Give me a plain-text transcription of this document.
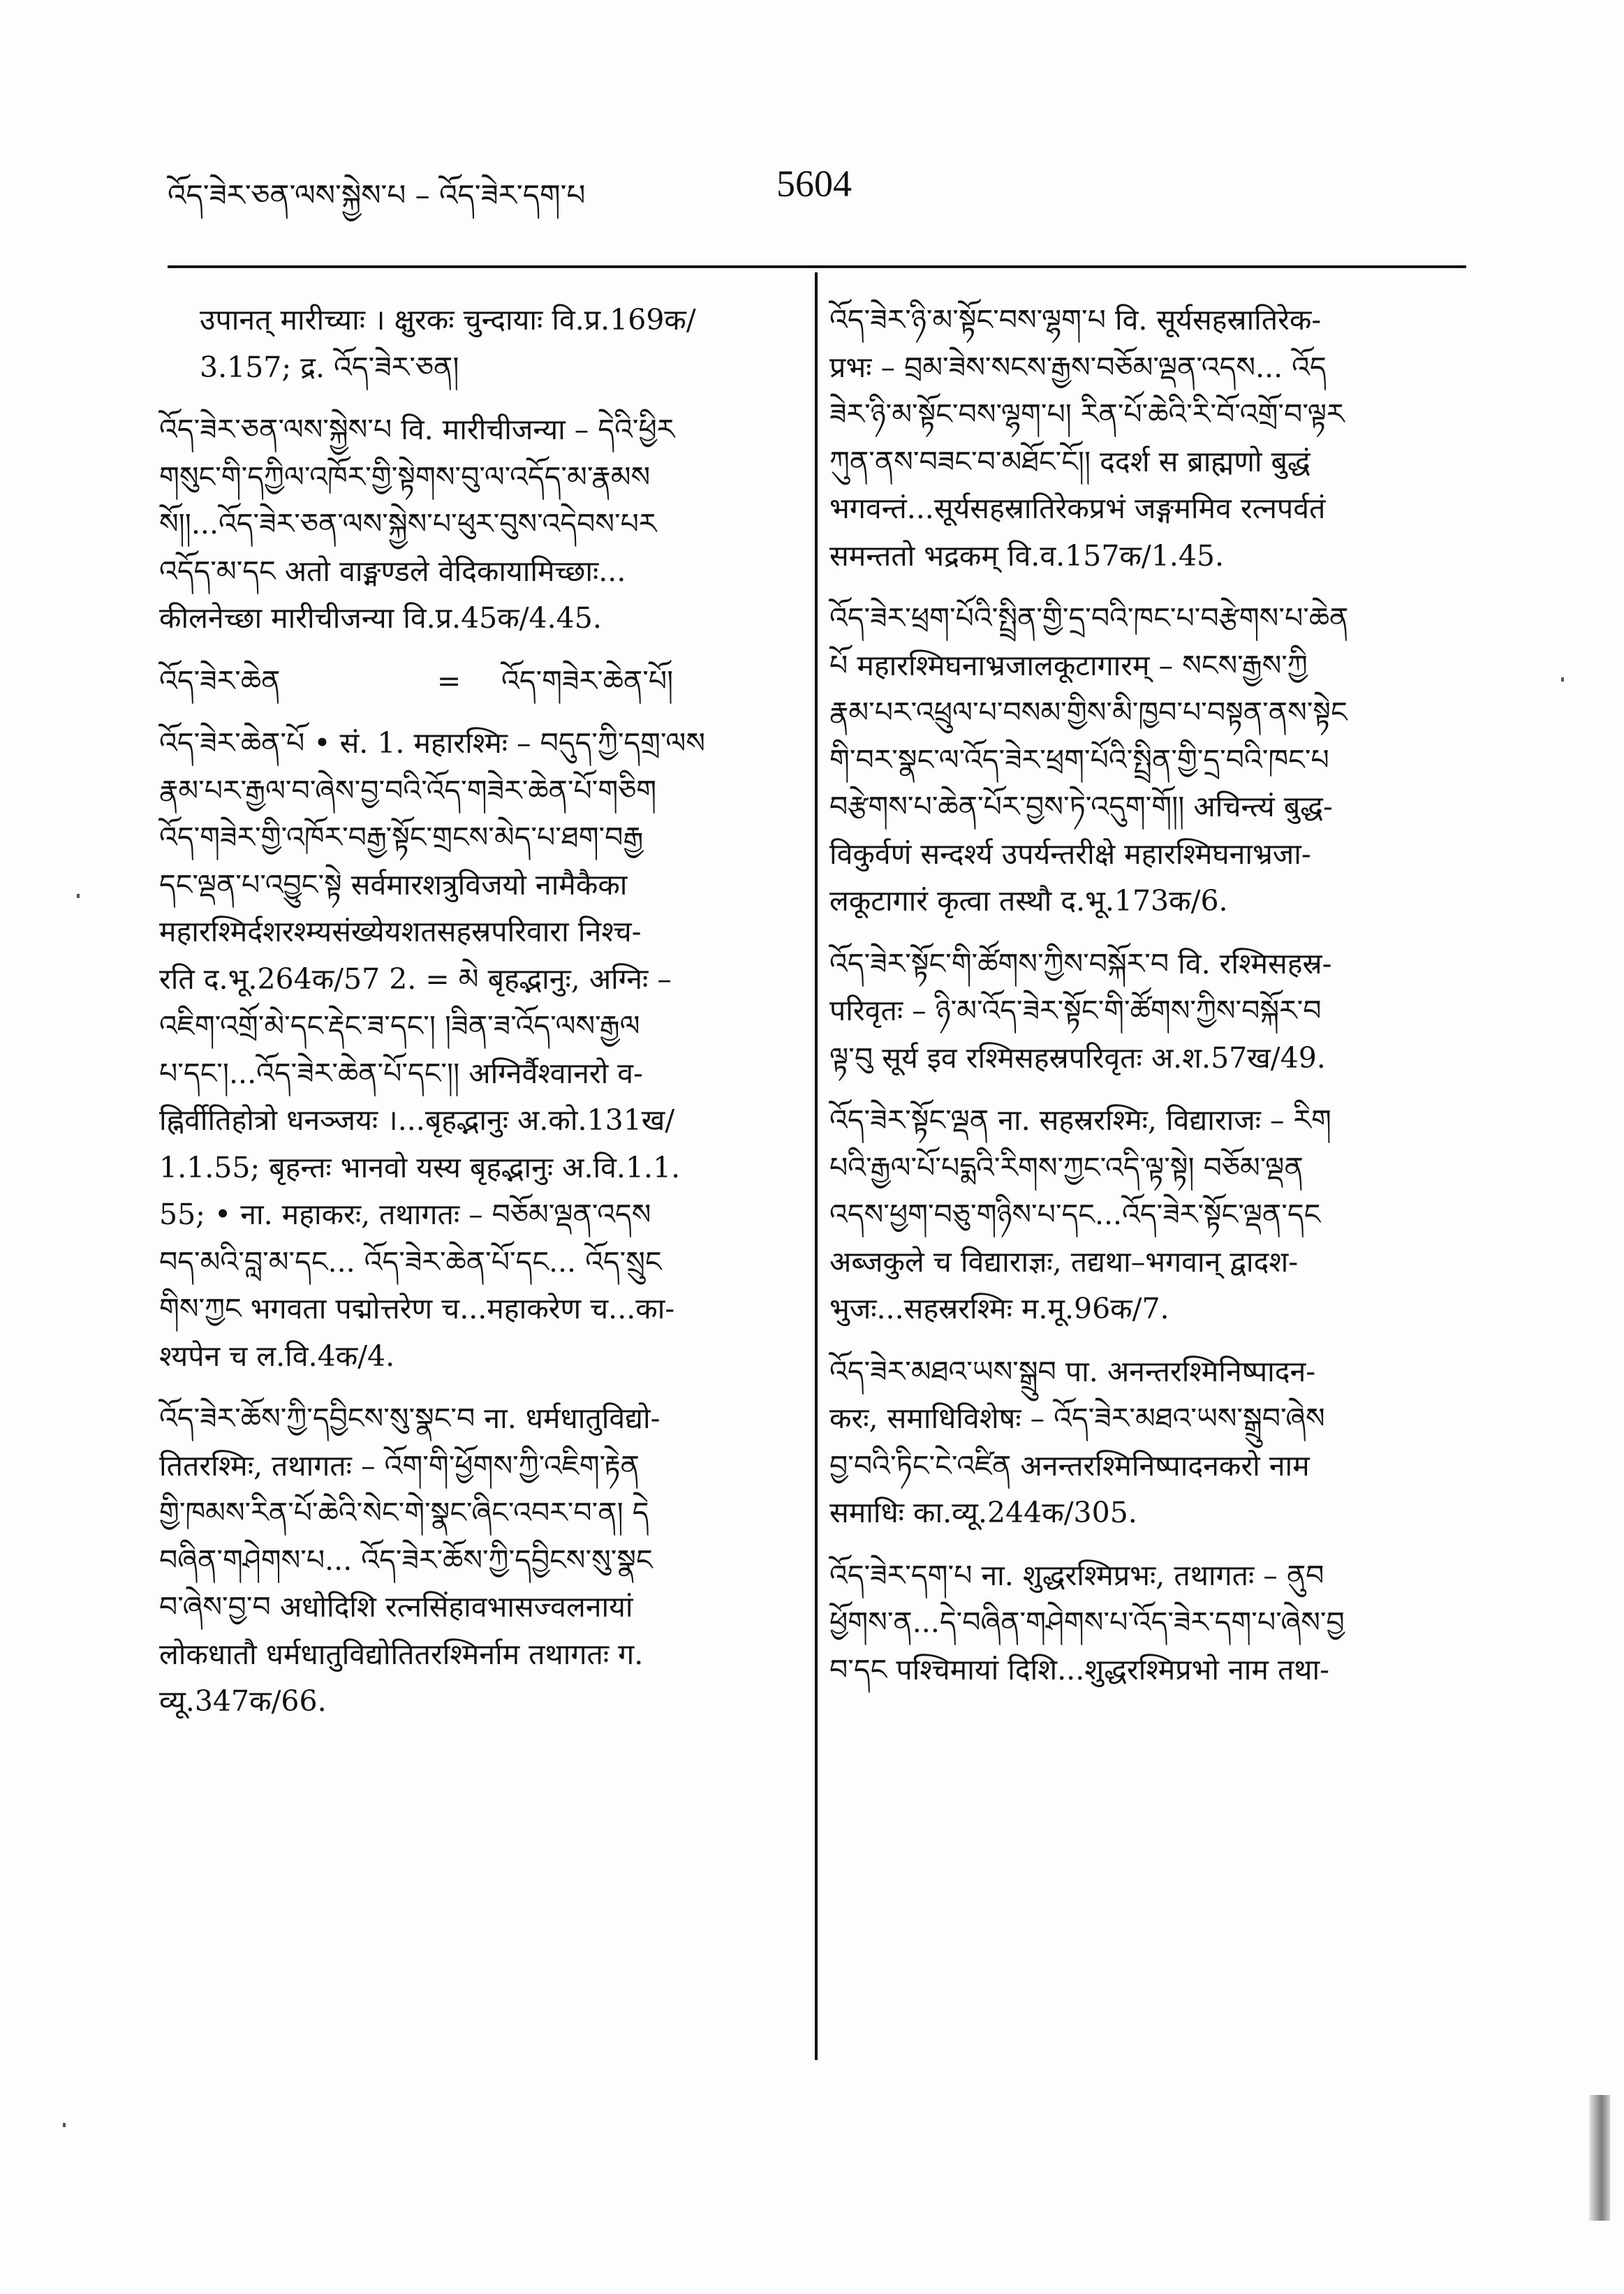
འོད་ཟེར་ཅན་ལས་སྐྱེས་པ – འོད་ཟེར་དག་པ	5604

उपानत् मारीच्याः । क्षुरकः चुन्दायाः वि.प्र.169क/

3.157; द्र. འོད་ཟེར་ཅན།

འོད་ཟེར་ཅན་ལས་སྐྱེས་པ वि. मारीचीजन्या – དེའི་ཕྱིར

གསུང་གི་དཀྱིལ་འཁོར་གྱི་སྟེགས་བུ་ལ་འདོད་མ་རྣམས

སོ།།...འོད་ཟེར་ཅན་ལས་སྐྱེས་པ་ཕུར་བུས་འདེབས་པར

འདོད་མ་དང अतो वाङ्मण्डले वेदिकायामिच्छाः...

कीलनेच्छा मारीचीजन्या वि.प्र.45क/4.45.

འོད་ཟེར་ཆེན	=	འོད་གཟེར་ཆེན་པོ།

འོད་ཟེར་ཆེན་པོ • सं. 1. महारश्मिः – བདུད་ཀྱི་དགྲ་ལས

རྣམ་པར་རྒྱལ་བ་ཞེས་བྱ་བའི་འོད་གཟེར་ཆེན་པོ་གཅིག

འོད་གཟེར་གྱི་འཁོར་བརྒྱ་སྟོང་གྲངས་མེད་པ་ཐག་བརྒྱ

དང་ལྡན་པ་འབྱུང་སྟེ सर्वमारशत्रुविजयो नामैकैका

महारश्मिर्दशरश्म्यसंख्येयशतसहस्रपरिवारा निश्च-

रति द.भू.264क/57 2. = མེ बृहद्भानुः, अग्निः –

འཇིག་འགྲོ་མེ་དང་རྡེང་ཟ་དང་། །ཟིན་ཟ་འོད་ལས་རྒྱལ

པ་དང་།...འོད་ཟེར་ཆེན་པོ་དང་།། अग्निर्वैश्वानरो व-

ह्निर्वीतिहोत्रो धनञ्जयः ।...बृहद्भानुः अ.को.131ख/

1.1.55; बृहन्तः भानवो यस्य बृहद्भानुः अ.वि.1.1.

55; • ना. महाकरः, तथागतः – བཅོམ་ལྡན་འདས

བད་མའི་བླ་མ་དང... འོད་ཟེར་ཆེན་པོ་དང... འོད་སྲུང

གིས་ཀྱང भगवता पद्मोत्तरेण च...महाकरेण च...का-

श्यपेन च ल.वि.4क/4.

འོད་ཟེར་ཆོས་ཀྱི་དབྱིངས་སུ་སྣང་བ ना. धर्मधातुविद्यो-

तितरश्मिः, तथागतः – འོག་གི་ཕྱོགས་ཀྱི་འཇིག་རྟེན

གྱི་ཁམས་རིན་པོ་ཆེའི་སེང་གེ་སྣང་ཞིང་འབར་བ་ན། དེ

བཞིན་གཤེགས་པ... འོད་ཟེར་ཆོས་ཀྱི་དབྱིངས་སུ་སྣང

བ་ཞེས་བྱ་བ अधोदिशि रत्नसिंहावभासज्वलनायां

लोकधातौ धर्मधातुविद्योतितरश्मिर्नाम तथागतः ग.

व्यू.347क/66.

འོད་ཟེར་ཉི་མ་སྟོང་བས་ལྷག་པ वि. सूर्यसहस्रातिरेक-

प्रभः – བྲམ་ཟེས་སངས་རྒྱས་བཅོམ་ལྡན་འདས... འོད

ཟེར་ཉི་མ་སྟོང་བས་ལྷག་པ། རིན་པོ་ཆེའི་རི་བོ་འགྲོ་བ་ལྟར

ཀུན་ནས་བཟང་བ་མཐོང་ངོ།། ददर्श स ब्राह्मणो बुद्धं

भगवन्तं...सूर्यसहस्रातिरेकप्रभं जङ्गममिव रत्नपर्वतं

समन्ततो भद्रकम् वि.व.157क/1.45.

འོད་ཟེར་ཕྲག་པོའི་སྤྲིན་གྱི་དྲ་བའི་ཁང་པ་བརྩེགས་པ་ཆེན

པོ महारश्मिघनाभ्रजालकूटागारम् – སངས་རྒྱས་ཀྱི

རྣམ་པར་འཕྲུལ་པ་བསམ་གྱིས་མི་ཁྱབ་པ་བསྟན་ནས་སྟེང

གི་བར་སྣང་ལ་འོད་ཟེར་ཕྲག་པོའི་སྤྲིན་གྱི་དྲ་བའི་ཁང་པ

བརྩེགས་པ་ཆེན་པོར་བྱས་ཏེ་འདུག་གོ།། अचिन्त्यं बुद्ध-

विकुर्वणं सन्दर्श्य उपर्यन्तरीक्षे महारश्मिघनाभ्रजा-

लकूटागारं कृत्वा तस्थौ द.भू.173क/6.

འོད་ཟེར་སྟོང་གི་ཚོགས་ཀྱིས་བསྐོར་བ वि. रश्मिसहस्र-

परिवृतः – ཉི་མ་འོད་ཟེར་སྟོང་གི་ཚོགས་ཀྱིས་བསྐོར་བ

ལྟ་བུ सूर्य इव रश्मिसहस्रपरिवृतः अ.श.57ख/49.

འོད་ཟེར་སྟོང་ལྡན ना. सहस्ररश्मिः, विद्याराजः – རིག

པའི་རྒྱལ་པོ་པདྨའི་རིགས་ཀྱང་འདི་ལྟ་སྟེ། བཅོམ་ལྡན

འདས་ཕྱག་བཅུ་གཉིས་པ་དང...འོད་ཟེར་སྟོང་ལྡན་དང

अब्जकुले च विद्याराज्ञः, तद्यथा–भगवान् द्वादश-

भुजः...सहस्ररश्मिः म.मू.96क/7.

འོད་ཟེར་མཐའ་ཡས་སྒྲུབ पा. अनन्तरश्मिनिष्पादन-

करः, समाधिविशेषः – འོད་ཟེར་མཐའ་ཡས་སྒྲུབ་ཞེས

བྱ་བའི་ཏིང་ངེ་འཛིན अनन्तरश्मिनिष्पादनकरो नाम

समाधिः का.व्यू.244क/305.

འོད་ཟེར་དག་པ ना. शुद्धरश्मिप्रभः, तथागतः – ནུབ

ཕྱོགས་ན...དེ་བཞིན་གཤེགས་པ་འོད་ཟེར་དག་པ་ཞེས་བྱ

བ་དང पश्चिमायां दिशि...शुद्धरश्मिप्रभो नाम तथा-
